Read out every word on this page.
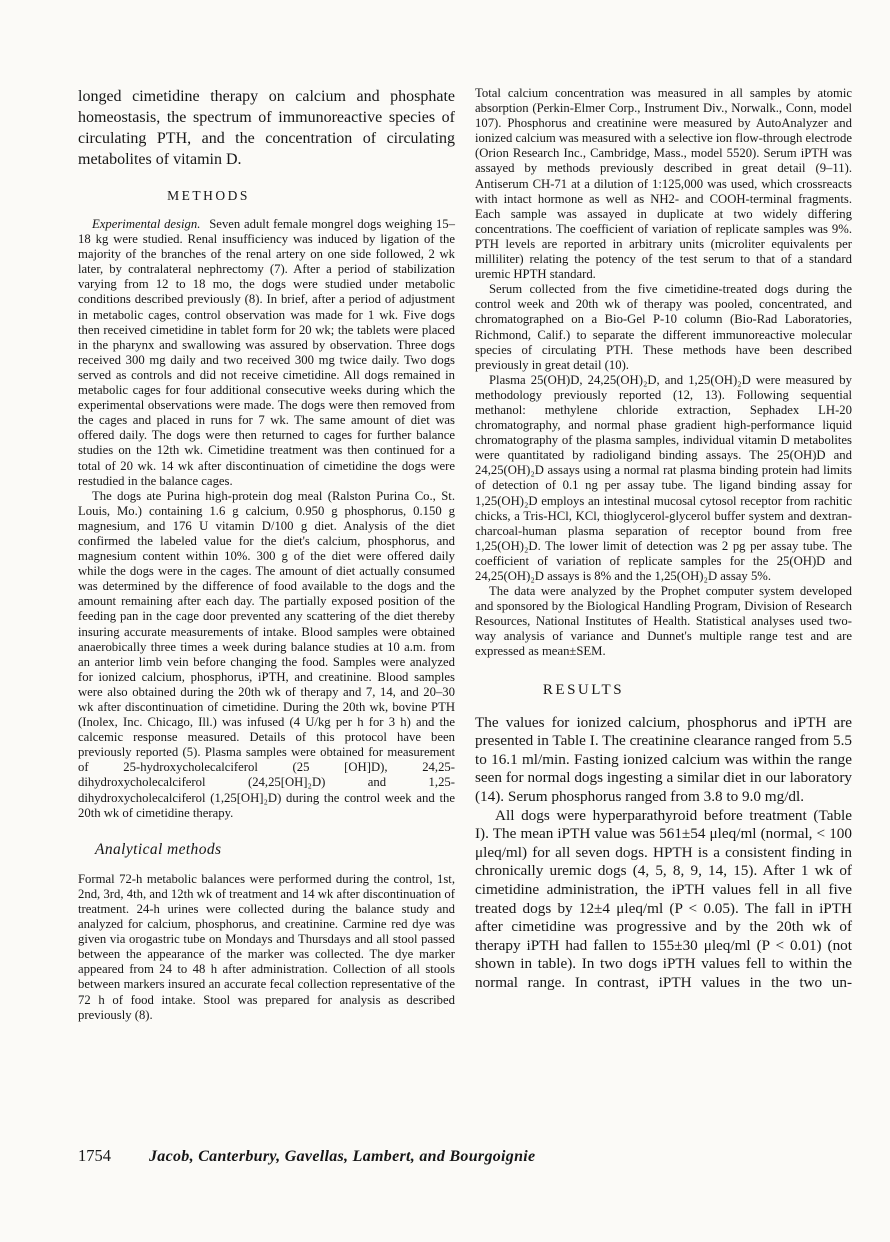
longed cimetidine therapy on calcium and phosphate homeostasis, the spectrum of immunoreactive species of circulating PTH, and the concentration of circulating metabolites of vitamin D.

METHODS

Experimental design. Seven adult female mongrel dogs weighing 15–18 kg were studied. Renal insufficiency was induced by ligation of the majority of the branches of the renal artery on one side followed, 2 wk later, by contralateral nephrectomy (7). After a period of stabilization varying from 12 to 18 mo, the dogs were studied under metabolic conditions described previously (8). In brief, after a period of adjustment in metabolic cages, control observation was made for 1 wk. Five dogs then received cimetidine in tablet form for 20 wk; the tablets were placed in the pharynx and swallowing was assured by observation. Three dogs received 300 mg daily and two received 300 mg twice daily. Two dogs served as controls and did not receive cimetidine. All dogs remained in metabolic cages for four additional consecutive weeks during which the experimental observations were made. The dogs were then removed from the cages and placed in runs for 7 wk. The same amount of diet was offered daily. The dogs were then returned to cages for further balance studies on the 12th wk. Cimetidine treatment was then continued for a total of 20 wk. 14 wk after discontinuation of cimetidine the dogs were restudied in the balance cages.

The dogs ate Purina high-protein dog meal (Ralston Purina Co., St. Louis, Mo.) containing 1.6 g calcium, 0.950 g phosphorus, 0.150 g magnesium, and 176 U vitamin D/100 g diet. Analysis of the diet confirmed the labeled value for the diet's calcium, phosphorus, and magnesium content within 10%. 300 g of the diet were offered daily while the dogs were in the cages. The amount of diet actually consumed was determined by the difference of food available to the dogs and the amount remaining after each day. The partially exposed position of the feeding pan in the cage door prevented any scattering of the diet thereby insuring accurate measurements of intake. Blood samples were obtained anaerobically three times a week during balance studies at 10 a.m. from an anterior limb vein before changing the food. Samples were analyzed for ionized calcium, phosphorus, iPTH, and creatinine. Blood samples were also obtained during the 20th wk of therapy and 7, 14, and 20–30 wk after discontinuation of cimetidine. During the 20th wk, bovine PTH (Inolex, Inc. Chicago, Ill.) was infused (4 U/kg per h for 3 h) and the calcemic response measured. Details of this protocol have been previously reported (5). Plasma samples were obtained for measurement of 25-hydroxycholecalciferol (25 [OH]D), 24,25-dihydroxycholecalciferol (24,25[OH]₂D) and 1,25-dihydroxycholecalciferol (1,25[OH]₂D) during the control week and the 20th wk of cimetidine therapy.

Analytical methods

Formal 72-h metabolic balances were performed during the control, 1st, 2nd, 3rd, 4th, and 12th wk of treatment and 14 wk after discontinuation of treatment. 24-h urines were collected during the balance study and analyzed for calcium, phosphorus, and creatinine. Carmine red dye was given via orogastric tube on Mondays and Thursdays and all stool passed between the appearance of the marker was collected. The dye marker appeared from 24 to 48 h after administration. Collection of all stools between markers insured an accurate fecal collection representative of the 72 h of food intake. Stool was prepared for analysis as described previously (8).

Total calcium concentration was measured in all samples by atomic absorption (Perkin-Elmer Corp., Instrument Div., Norwalk., Conn, model 107). Phosphorus and creatinine were measured by AutoAnalyzer and ionized calcium was measured with a selective ion flow-through electrode (Orion Research Inc., Cambridge, Mass., model 5520). Serum iPTH was assayed by methods previously described in great detail (9–11). Antiserum CH-71 at a dilution of 1:125,000 was used, which crossreacts with intact hormone as well as NH2- and COOH-terminal fragments. Each sample was assayed in duplicate at two widely differing concentrations. The coefficient of variation of replicate samples was 9%. PTH levels are reported in arbitrary units (microliter equivalents per milliliter) relating the potency of the test serum to that of a standard uremic HPTH standard.

Serum collected from the five cimetidine-treated dogs during the control week and 20th wk of therapy was pooled, concentrated, and chromatographed on a Bio-Gel P-10 column (Bio-Rad Laboratories, Richmond, Calif.) to separate the different immunoreactive molecular species of circulating PTH. These methods have been described previously in great detail (10).

Plasma 25(OH)D, 24,25(OH)₂D, and 1,25(OH)₂D were measured by methodology previously reported (12, 13). Following sequential methanol: methylene chloride extraction, Sephadex LH-20 chromatography, and normal phase gradient high-performance liquid chromatography of the plasma samples, individual vitamin D metabolites were quantitated by radioligand binding assays. The 25(OH)D and 24,25(OH)₂D assays using a normal rat plasma binding protein had limits of detection of 0.1 ng per assay tube. The ligand binding assay for 1,25(OH)₂D employs an intestinal mucosal cytosol receptor from rachitic chicks, a Tris-HCl, KCl, thioglycerol-glycerol buffer system and dextran-charcoal-human plasma separation of receptor bound from free 1,25(OH)₂D. The lower limit of detection was 2 pg per assay tube. The coefficient of variation of replicate samples for the 25(OH)D and 24,25(OH)₂D assays is 8% and the 1,25(OH)₂D assay 5%.

The data were analyzed by the Prophet computer system developed and sponsored by the Biological Handling Program, Division of Research Resources, National Institutes of Health. Statistical analyses used two-way analysis of variance and Dunnet's multiple range test and are expressed as mean±SEM.

RESULTS

The values for ionized calcium, phosphorus and iPTH are presented in Table I. The creatinine clearance ranged from 5.5 to 16.1 ml/min. Fasting ionized calcium was within the range seen for normal dogs ingesting a similar diet in our laboratory (14). Serum phosphorus ranged from 3.8 to 9.0 mg/dl.

All dogs were hyperparathyroid before treatment (Table I). The mean iPTH value was 561±54 μleq/ml (normal, < 100 μleq/ml) for all seven dogs. HPTH is a consistent finding in chronically uremic dogs (4, 5, 8, 9, 14, 15). After 1 wk of cimetidine administration, the iPTH values fell in all five treated dogs by 12±4 μleq/ml (P < 0.05). The fall in iPTH after cimetidine was progressive and by the 20th wk of therapy iPTH had fallen to 155±30 μleq/ml (P < 0.01) (not shown in table). In two dogs iPTH values fell to within the normal range. In contrast, iPTH values in the two un-

1754 Jacob, Canterbury, Gavellas, Lambert, and Bourgoignie
